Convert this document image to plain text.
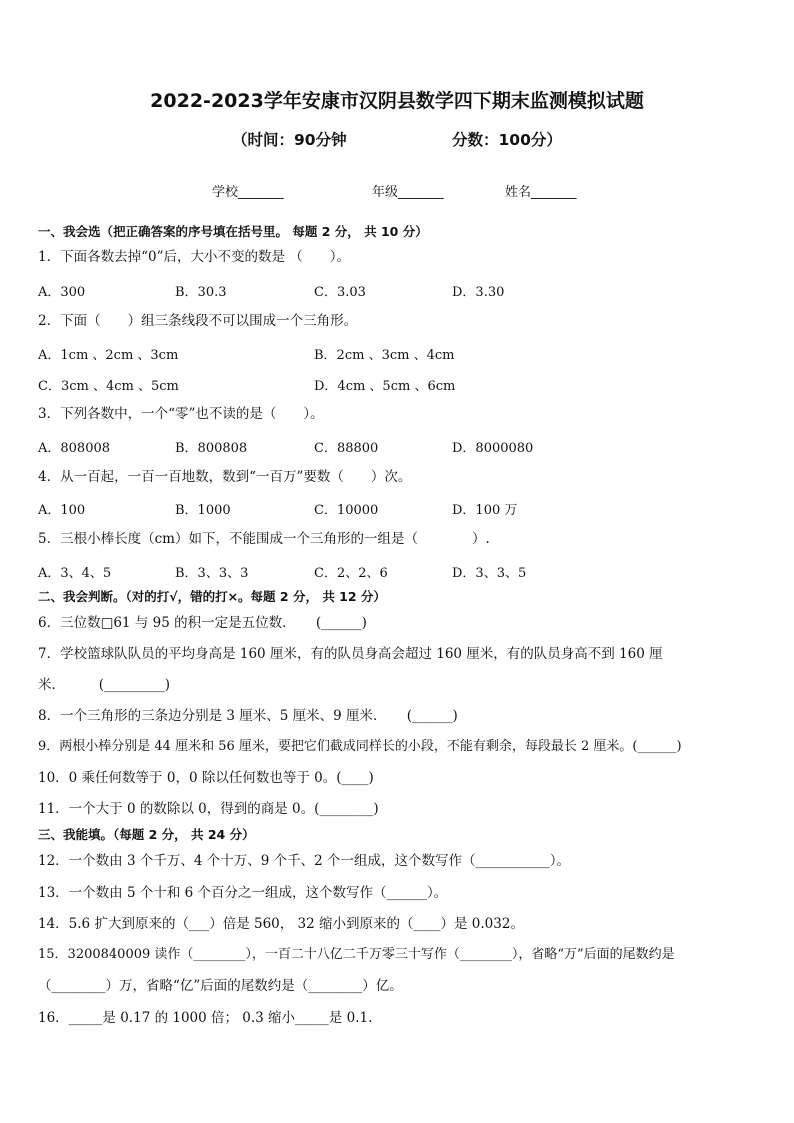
2022-2023学年安康市汉阴县数学四下期末监测模拟试题
（时间：90分钟	分数：100分）
学校_______	年级_______	姓名_______
一、我会选（把正确答案的序号填在括号里。 每题 2 分， 共 10 分）
1．下面各数去掉“0”后，大小不变的数是 （　　）。
A．300	B．30.3	C．3.03	D．3.30
2．下面（　　）组三条线段不可以围成一个三角形。
A．1cm 、2cm 、3cm	B．2cm 、3cm 、4cm
C．3cm 、4cm 、5cm	D．4cm 、5cm 、6cm
3．下列各数中，一个“零”也不读的是（　　）。
A．808008	B．800808	C．88800	D．8000080
4．从一百起，一百一百地数，数到“一百万”要数（　　）次。
A．100	B．1000	C．10000	D．100 万
5．三根小棒长度（cm）如下，不能围成一个三角形的一组是（　　　　）.
A．3、4、5	B．3、3、3	C．2、2、6	D．3、3、5
二、我会判断。（对的打√，错的打×。每题 2 分， 共 12 分）
6．三位数□61 与 95 的积一定是五位数．　　(______)
7．学校篮球队队员的平均身高是 160 厘米，有的队员身高会超过 160 厘米，有的队员身高不到 160 厘
米．　　　(_________)
8．一个三角形的三条边分别是 3 厘米、5 厘米、9 厘米．　　(______)
9．两根小棒分别是 44 厘米和 56 厘米，要把它们截成同样长的小段，不能有剩余，每段最长 2 厘米。(______)
10．0 乘任何数等于 0，0 除以任何数也等于 0。(____)
11．一个大于 0 的数除以 0，得到的商是 0。(________)
三、我能填。（每题 2 分， 共 24 分）
12．一个数由 3 个千万、4 个十万、9 个千、2 个一组成，这个数写作（___________）。
13．一个数由 5 个十和 6 个百分之一组成，这个数写作（______）。
14．5.6 扩大到原来的（___）倍是 560， 32 缩小到原来的（____）是 0.032。
15．3200840009 读作（________），一百二十八亿二千万零三十写作（________），省略“万”后面的尾数约是
（________）万，省略“亿”后面的尾数约是（________）亿。
16．_____是 0.17 的 1000 倍； 0.3 缩小_____是 0.1.
